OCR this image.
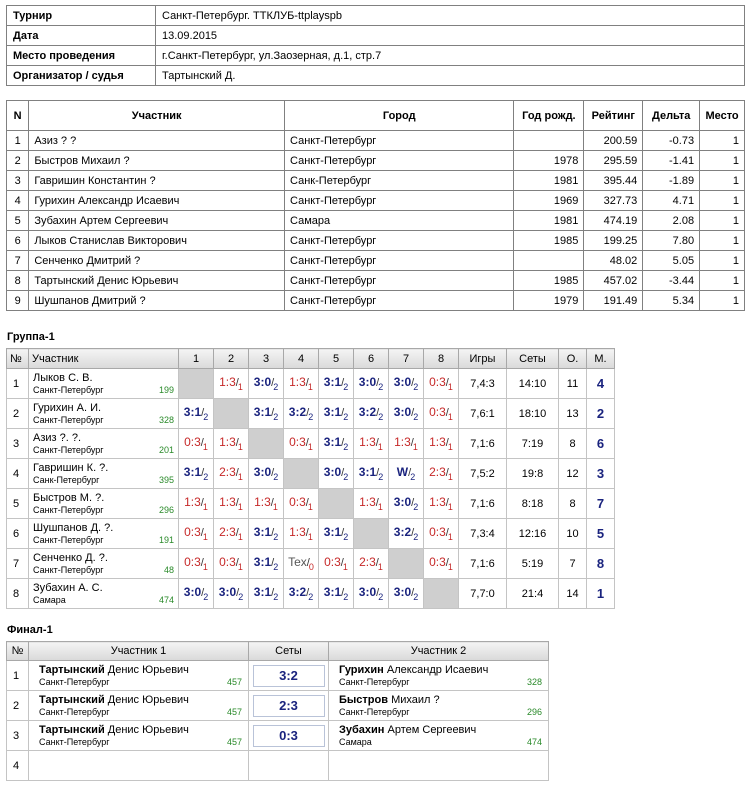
Турнир	Санкт-Петербург. ТТКЛУБ-ttplayspb
Дата	13.09.2015
Место проведения	г.Санкт-Петербург, ул.Заозерная, д.1, стр.7
Организатор / судья	Тартынский Д.
N	Участник	Город	Год рожд.	Рейтинг	Дельта	Место
1	Азиз ? ?	Санкт-Петербург		200.59	-0.73	1
2	Быстров Михаил ?	Санкт-Петербург	1978	295.59	-1.41	1
3	Гавришин Константин ?	Санк-Петербург	1981	395.44	-1.89	1
4	Гурихин Александр Исаевич	Санкт-Петербург	1969	327.73	4.71	1
5	Зубахин Артем Сергеевич	Самара	1981	474.19	2.08	1
6	Лыков Станислав Викторович	Санкт-Петербург	1985	199.25	7.80	1
7	Сенченко Дмитрий ?	Санкт-Петербург		48.02	5.05	1
8	Тартынский Денис Юрьевич	Санкт-Петербург	1985	457.02	-3.44	1
9	Шушпанов Дмитрий ?	Санкт-Петербург	1979	191.49	5.34	1
Группа-1
№	Участник	1	2	3	4	5	6	7	8	Игры	Сеты	О.	М.
1	Лыков С. В.
Санкт-Петербург 199		$1:3/_1$	$3:0/_2$	$1:3/_1$	$3:1/_2$	$3:0/_2$	$3:0/_2$	$0:3/_1$	7,4:3	14:10	11	4
2	Гурихин А. И.
Санкт-Петербург 328	$3:1/_2$		$3:1/_2$	$3:2/_2$	$3:1/_2$	$3:2/_2$	$3:0/_2$	$0:3/_1$	7,6:1	18:10	13	2
3	Азиз ?. ?.
Санкт-Петербург 201	$0:3/_1$	$1:3/_1$		$0:3/_1$	$3:1/_2$	$1:3/_1$	$1:3/_1$	$1:3/_1$	7,1:6	7:19	8	6
4	Гавришин К. ?.
Санк-Петербург 395	$3:1/_2$	$2:3/_1$	$3:0/_2$		$3:0/_2$	$3:1/_2$	$W/_2$	$2:3/_1$	7,5:2	19:8	12	3
5	Быстров М. ?.
Санкт-Петербург 296	$1:3/_1$	$1:3/_1$	$1:3/_1$	$0:3/_1$		$1:3/_1$	$3:0/_2$	$1:3/_1$	7,1:6	8:18	8	7
6	Шушпанов Д. ?.
Санкт-Петербург 191	$0:3/_1$	$2:3/_1$	$3:1/_2$	$1:3/_1$	$3:1/_2$		$3:2/_2$	$0:3/_1$	7,3:4	12:16	10	5
7	Сенченко Д. ?.
Санкт-Петербург 48	$0:3/_1$	$0:3/_1$	$3:1/_2$	Tex/$_0$	$0:3/_1$	$2:3/_1$		$0:3/_1$	7,1:6	5:19	7	8
8	Зубахин А. С.
Самара 474	$3:0/_2$	$3:0/_2$	$3:1/_2$	$3:2/_2$	$3:1/_2$	$3:0/_2$	$3:0/_2$		7,7:0	21:4	14	1
Финал-1
№	Участник 1	Сеты	Участник 2
1	Тартынский Денис Юрьевич
Санкт-Петербург 457	3:2	Гурихин Александр Исаевич
Санкт-Петербург 328

2	Тартынский Денис Юрьевич
Санкт-Петербург 457	2:3	Быстров Михаил ?
Санкт-Петербург 296

3	Тартынский Денис Юрьевич
Санкт-Петербург 457	0:3	Зубахин Артем Сергеевич
Самара 474

4			
